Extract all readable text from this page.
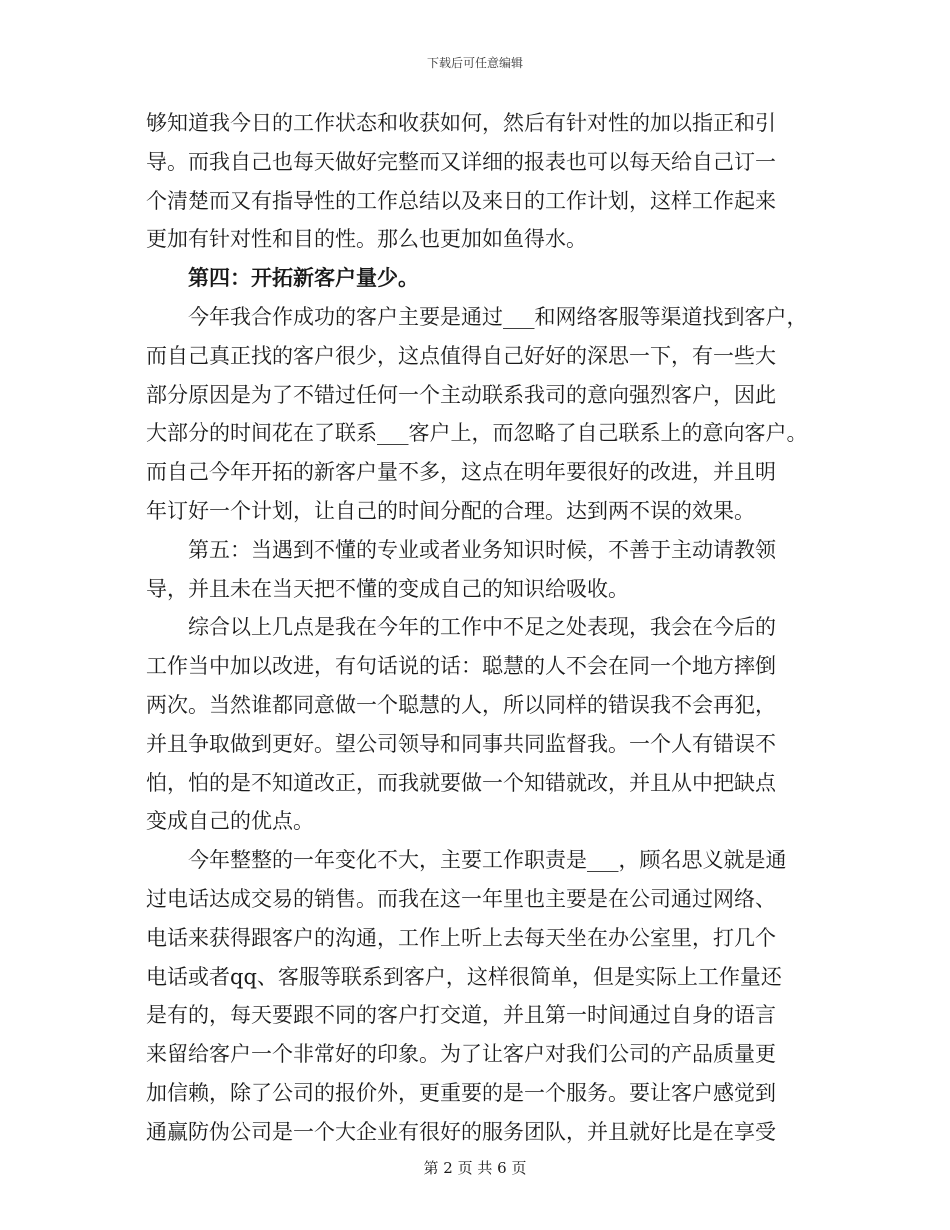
下载后可任意编辑
够知道我今日的工作状态和收获如何，然后有针对性的加以指正和引
导。而我自己也每天做好完整而又详细的报表也可以每天给自己订一
个清楚而又有指导性的工作总结以及来日的工作计划，这样工作起来
更加有针对性和目的性。那么也更加如鱼得水。
第四：开拓新客户量少。
今年我合作成功的客户主要是通过___和网络客服等渠道找到客户，
而自己真正找的客户很少，这点值得自己好好的深思一下，有一些大
部分原因是为了不错过任何一个主动联系我司的意向强烈客户，因此
大部分的时间花在了联系___客户上，而忽略了自己联系上的意向客户。
而自己今年开拓的新客户量不多，这点在明年要很好的改进，并且明
年订好一个计划，让自己的时间分配的合理。达到两不误的效果。
第五：当遇到不懂的专业或者业务知识时候，不善于主动请教领
导，并且未在当天把不懂的变成自己的知识给吸收。
综合以上几点是我在今年的工作中不足之处表现，我会在今后的
工作当中加以改进，有句话说的话：聪慧的人不会在同一个地方摔倒
两次。当然谁都同意做一个聪慧的人，所以同样的错误我不会再犯，
并且争取做到更好。望公司领导和同事共同监督我。一个人有错误不
怕，怕的是不知道改正，而我就要做一个知错就改，并且从中把缺点
变成自己的优点。
今年整整的一年变化不大，主要工作职责是___，顾名思义就是通
过电话达成交易的销售。而我在这一年里也主要是在公司通过网络、
电话来获得跟客户的沟通，工作上听上去每天坐在办公室里，打几个
电话或者qq、客服等联系到客户，这样很简单，但是实际上工作量还
是有的，每天要跟不同的客户打交道，并且第一时间通过自身的语言
来留给客户一个非常好的印象。为了让客户对我们公司的产品质量更
加信赖，除了公司的报价外，更重要的是一个服务。要让客户感觉到
通赢防伪公司是一个大企业有很好的服务团队，并且就好比是在享受
第 2 页 共 6 页
